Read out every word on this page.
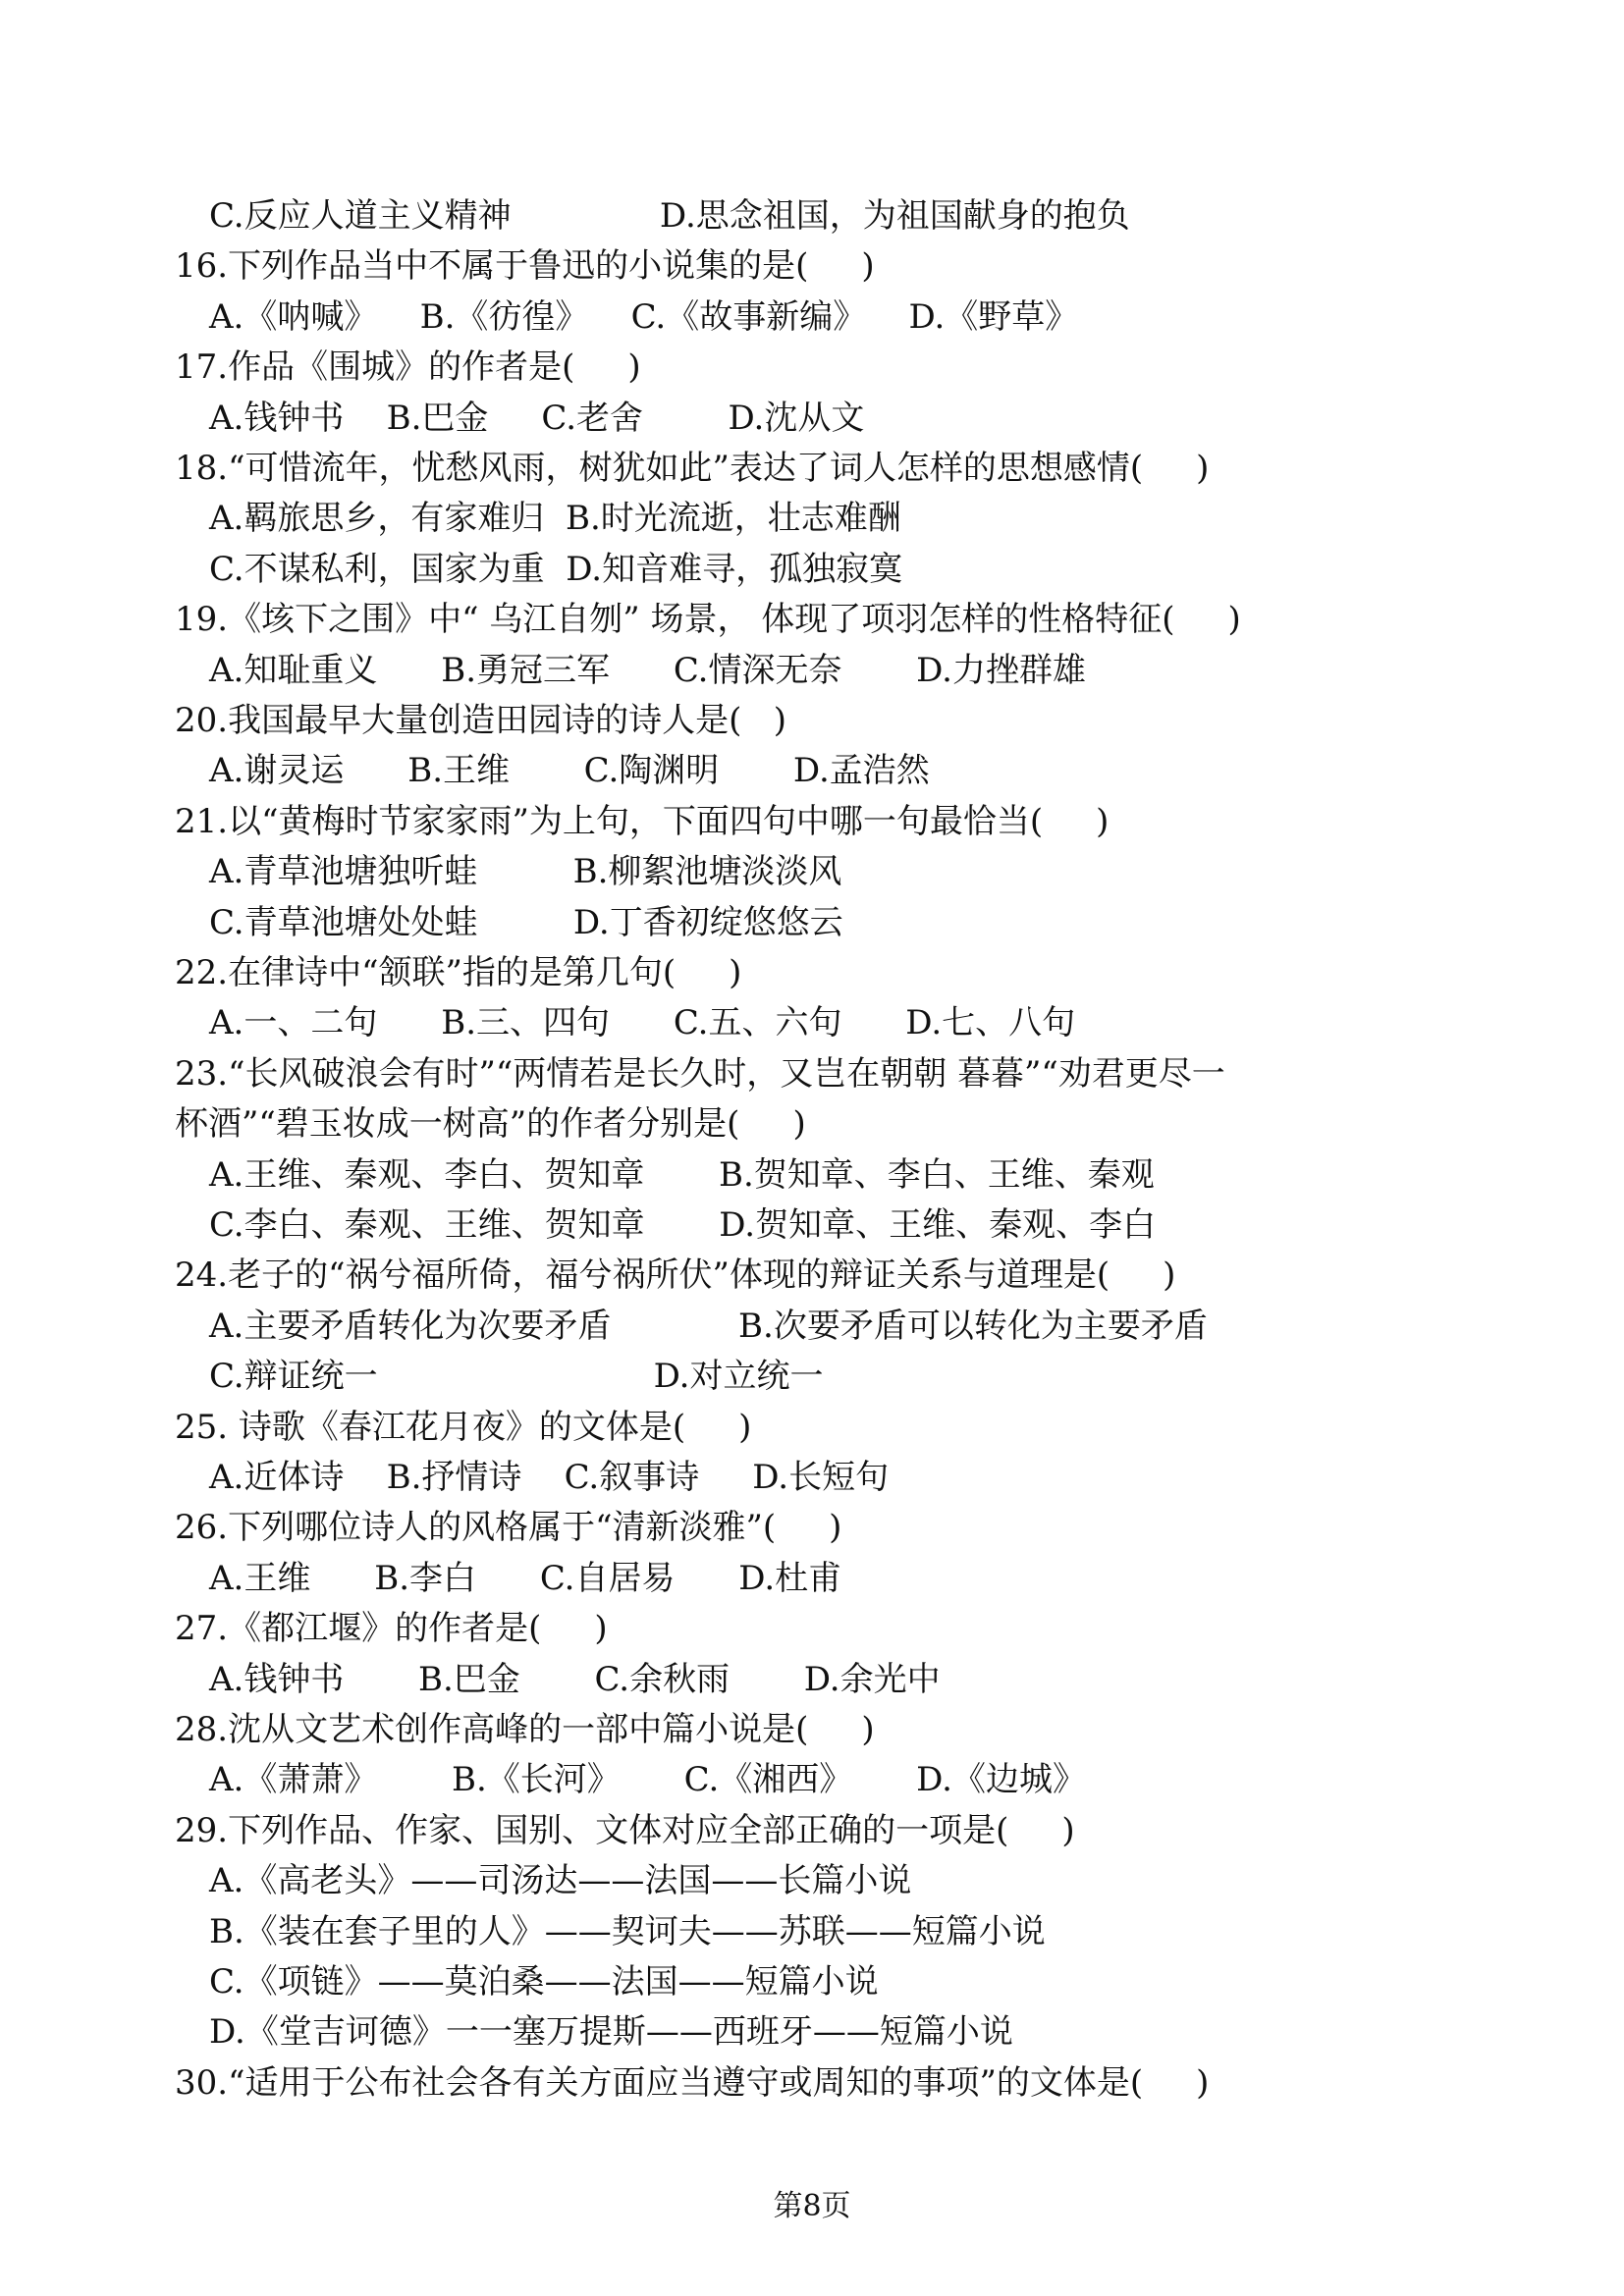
C.反应人道主义精神              D.思念祖国，为祖国献身的抱负
16.下列作品当中不属于鲁迅的小说集的是(     )
A.《呐喊》    B.《彷徨》    C.《故事新编》    D.《野草》
17.作品《围城》的作者是(     )
A.钱钟书    B.巴金     C.老舍        D.沈从文
18.“可惜流年，忧愁风雨，树犹如此”表达了词人怎样的思想感情(     )
A.羁旅思乡，有家难归  B.时光流逝，壮志难酬
C.不谋私利，国家为重  D.知音难寻，孤独寂寞
19.《垓下之围》中“ 乌江自刎” 场景， 体现了项羽怎样的性格特征(     )
A.知耻重义      B.勇冠三军      C.情深无奈       D.力挫群雄
20.我国最早大量创造田园诗的诗人是(   )
A.谢灵运      B.王维       C.陶渊明       D.孟浩然
21.以“黄梅时节家家雨”为上句，下面四句中哪一句最恰当(     )
A.青草池塘独听蛙         B.柳絮池塘淡淡风
C.青草池塘处处蛙         D.丁香初绽悠悠云
22.在律诗中“颔联”指的是第几句(     )
A.一、二句      B.三、四句      C.五、六句      D.七、八句
23.“长风破浪会有时”“两情若是长久时，又岂在朝朝 暮暮”“劝君更尽一
杯酒”“碧玉妆成一树高”的作者分别是(     )
A.王维、秦观、李白、贺知章       B.贺知章、李白、王维、秦观
C.李白、秦观、王维、贺知章       D.贺知章、王维、秦观、李白
24.老子的“祸兮福所倚，福兮祸所伏”体现的辩证关系与道理是(     )
A.主要矛盾转化为次要矛盾            B.次要矛盾可以转化为主要矛盾
C.辩证统一                          D.对立统一
25. 诗歌《春江花月夜》的文体是(     )
A.近体诗    B.抒情诗    C.叙事诗     D.长短句
26.下列哪位诗人的风格属于“清新淡雅”(     )
A.王维      B.李白      C.自居易      D.杜甫
27.《都江堰》的作者是(     )
A.钱钟书       B.巴金       C.余秋雨       D.余光中
28.沈从文艺术创作高峰的一部中篇小说是(     )
A.《萧萧》       B.《长河》      C.《湘西》      D.《边城》
29.下列作品、作家、国别、文体对应全部正确的一项是(     )
A.《高老头》——司汤达——法国——长篇小说
B.《装在套子里的人》——契诃夫——苏联——短篇小说
C.《项链》——莫泊桑——法国——短篇小说
D.《堂吉诃德》一一塞万提斯——西班牙——短篇小说
30.“适用于公布社会各有关方面应当遵守或周知的事项”的文体是(     )
第8页
